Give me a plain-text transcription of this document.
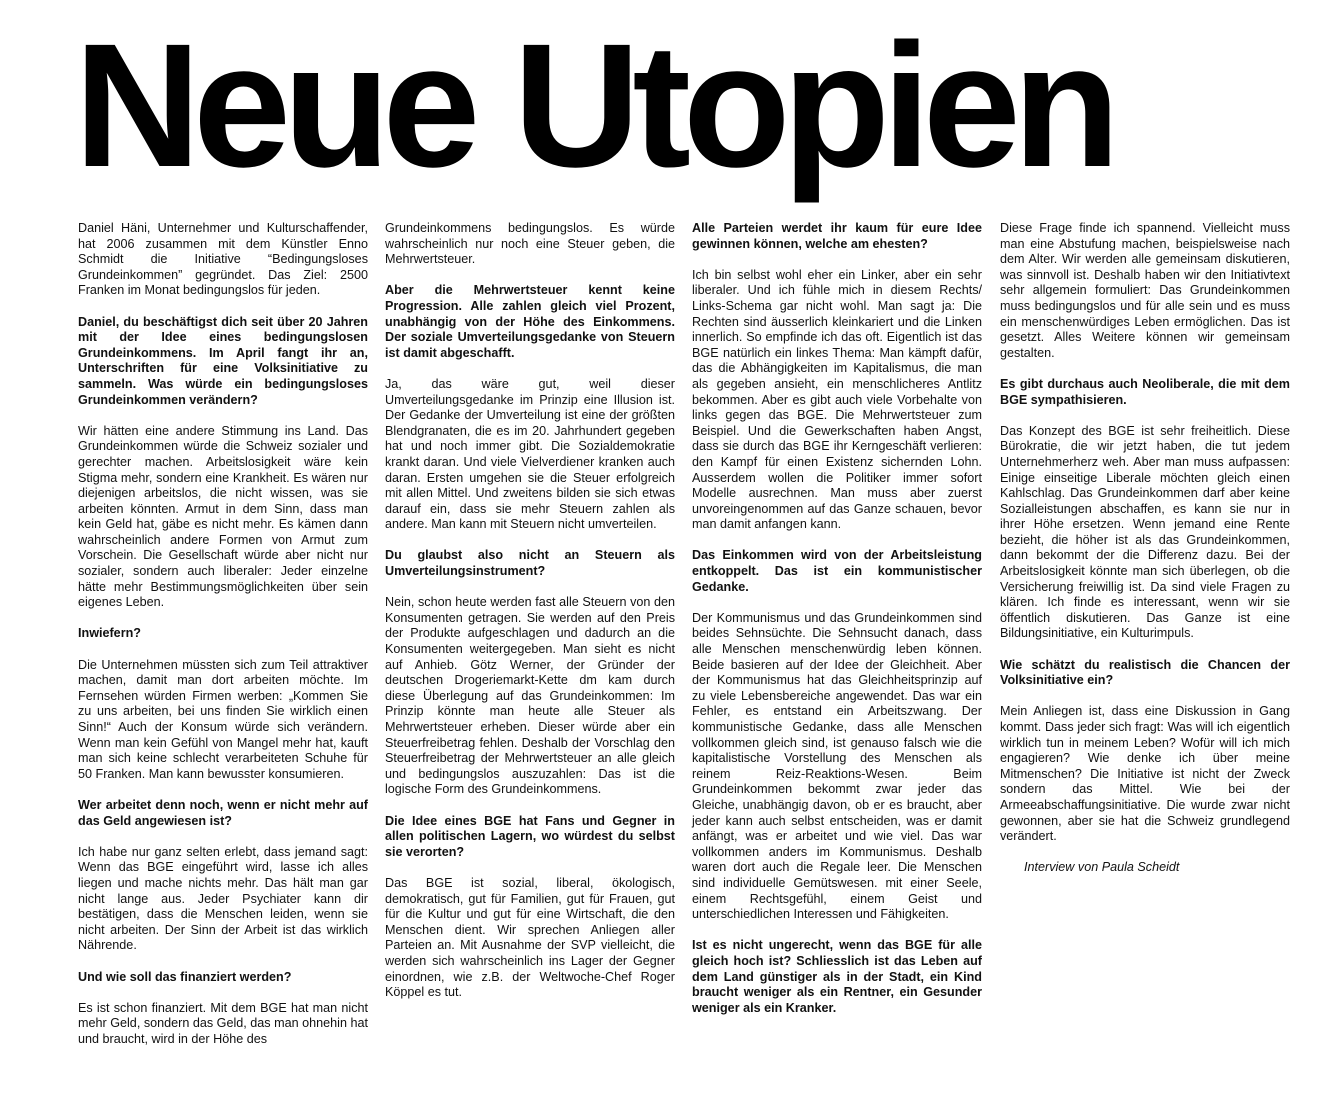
Neue Utopien

Daniel Häni, Unternehmer und Kulturschaffender, hat 2006 zusammen mit dem Künstler Enno Schmidt die Initiative “Bedingungsloses Grundeinkommen” gegründet. Das Ziel: 2500 Franken im Monat bedingungslos für jeden.

Daniel, du beschäftigst dich seit über 20 Jahren mit der Idee eines bedingungslosen Grundeinkommens. Im April fangt ihr an, Unterschriften für eine Volksinitiative zu sammeln. Was würde ein bedingungsloses Grundeinkommen verändern?

Wir hätten eine andere Stimmung ins Land. Das Grundeinkommen würde die Schweiz sozialer und gerechter machen. Arbeitslosigkeit wäre kein Stigma mehr, sondern eine Krankheit. Es wären nur diejenigen arbeitslos, die nicht wissen, was sie arbeiten könnten. Armut in dem Sinn, dass man kein Geld hat, gäbe es nicht mehr. Es kämen dann wahrscheinlich andere Formen von Armut zum Vorschein. Die Gesellschaft würde aber nicht nur sozialer, sondern auch liberaler: Jeder einzelne hätte mehr Bestimmungsmöglichkeiten über sein eigenes Leben.

Inwiefern?

Die Unternehmen müssten sich zum Teil attraktiver machen, damit man dort arbeiten möchte. Im Fernsehen würden Firmen werben: „Kommen Sie zu uns arbeiten, bei uns finden Sie wirklich einen Sinn!“ Auch der Konsum würde sich verändern. Wenn man kein Gefühl von Mangel mehr hat, kauft man sich keine schlecht verarbeiteten Schuhe für 50 Franken. Man kann bewusster konsumieren.

Wer arbeitet denn noch, wenn er nicht mehr auf das Geld angewiesen ist?

Ich habe nur ganz selten erlebt, dass jemand sagt: Wenn das BGE eingeführt wird, lasse ich alles liegen und mache nichts mehr. Das hält man gar nicht lange aus. Jeder Psychiater kann dir bestätigen, dass die Menschen leiden, wenn sie nicht arbeiten. Der Sinn der Arbeit ist das wirklich Nährende.

Und wie soll das finanziert werden?

Es ist schon finanziert. Mit dem BGE hat man nicht mehr Geld, sondern das Geld, das man ohnehin hat und braucht, wird in der Höhe des

Grundeinkommens bedingungslos. Es würde wahrscheinlich nur noch eine Steuer geben, die Mehrwertsteuer.

Aber die Mehrwertsteuer kennt keine Progression. Alle zahlen gleich viel Prozent, unabhängig von der Höhe des Einkommens. Der soziale Umverteilungsgedanke von Steuern ist damit abgeschafft.

Ja, das wäre gut, weil dieser Umverteilungsgedanke im Prinzip eine Illusion ist. Der Gedanke der Umverteilung ist eine der größten Blendgranaten, die es im 20. Jahrhundert gegeben hat und noch immer gibt. Die Sozialdemokratie krankt daran. Und viele Vielverdiener kranken auch daran. Ersten umgehen sie die Steuer erfolgreich mit allen Mittel. Und zweitens bilden sie sich etwas darauf ein, dass sie mehr Steuern zahlen als andere. Man kann mit Steuern nicht umverteilen.

Du glaubst also nicht an Steuern als Umverteilungsinstrument?

Nein, schon heute werden fast alle Steuern von den Konsumenten getragen. Sie werden auf den Preis der Produkte aufgeschlagen und dadurch an die Konsumenten weitergegeben. Man sieht es nicht auf Anhieb. Götz Werner, der Gründer der deutschen Drogeriemarkt-Kette dm kam durch diese Überlegung auf das Grundeinkommen: Im Prinzip könnte man heute alle Steuer als Mehrwertsteuer erheben. Dieser würde aber ein Steuerfreibetrag fehlen. Deshalb der Vorschlag den Steuerfreibetrag der Mehrwertsteuer an alle gleich und bedingungslos auszuzahlen: Das ist die logische Form des Grundeinkommens.

Die Idee eines BGE hat Fans und Gegner in allen politischen Lagern, wo würdest du selbst sie verorten?

Das BGE ist sozial, liberal, ökologisch, demokratisch, gut für Familien, gut für Frauen, gut für die Kultur und gut für eine Wirtschaft, die den Menschen dient. Wir sprechen Anliegen aller Parteien an. Mit Ausnahme der SVP vielleicht, die werden sich wahrscheinlich ins Lager der Gegner einordnen, wie z.B. der Weltwoche-Chef Roger Köppel es tut.

Alle Parteien werdet ihr kaum für eure Idee gewinnen können, welche am ehesten?

Ich bin selbst wohl eher ein Linker, aber ein sehr liberaler. Und ich fühle mich in diesem Rechts/ Links-Schema gar nicht wohl. Man sagt ja: Die Rechten sind äusserlich kleinkariert und die Linken innerlich. So empfinde ich das oft. Eigentlich ist das BGE natürlich ein linkes Thema: Man kämpft dafür, das die Abhängigkeiten im Kapitalismus, die man als gegeben ansieht, ein menschlicheres Antlitz bekommen. Aber es gibt auch viele Vorbehalte von links gegen das BGE. Die Mehrwertsteuer zum Beispiel. Und die Gewerkschaften haben Angst, dass sie durch das BGE ihr Kerngeschäft verlieren: den Kampf für einen Existenz sichernden Lohn. Ausserdem wollen die Politiker immer sofort Modelle ausrechnen. Man muss aber zuerst unvoreingenommen auf das Ganze schauen, bevor man damit anfangen kann.

Das Einkommen wird von der Arbeitsleistung entkoppelt. Das ist ein kommunistischer Gedanke.

Der Kommunismus und das Grundeinkommen sind beides Sehnsüchte. Die Sehnsucht danach, dass alle Menschen menschenwürdig leben können. Beide basieren auf der Idee der Gleichheit. Aber der Kommunismus hat das Gleichheitsprinzip auf zu viele Lebensbereiche angewendet. Das war ein Fehler, es entstand ein Arbeitszwang. Der kommunistische Gedanke, dass alle Menschen vollkommen gleich sind, ist genauso falsch wie die kapitalistische Vorstellung des Menschen als reinem Reiz-Reaktions-Wesen. Beim Grundeinkommen bekommt zwar jeder das Gleiche, unabhängig davon, ob er es braucht, aber jeder kann auch selbst entscheiden, was er damit anfängt, was er arbeitet und wie viel. Das war vollkommen anders im Kommunismus. Deshalb waren dort auch die Regale leer. Die Menschen sind individuelle Gemütswesen. mit einer Seele, einem Rechtsgefühl, einem Geist und unterschiedlichen Interessen und Fähigkeiten.

Ist es nicht ungerecht, wenn das BGE für alle gleich hoch ist? Schliesslich ist das Leben auf dem Land günstiger als in der Stadt, ein Kind braucht weniger als ein Rentner, ein Gesunder weniger als ein Kranker.

Diese Frage finde ich spannend. Vielleicht muss man eine Abstufung machen, beispielsweise nach dem Alter. Wir werden alle gemeinsam diskutieren, was sinnvoll ist. Deshalb haben wir den Initiativtext sehr allgemein formuliert: Das Grundeinkommen muss bedingungslos und für alle sein und es muss ein menschenwürdiges Leben ermöglichen. Das ist gesetzt. Alles Weitere können wir gemeinsam gestalten.

Es gibt durchaus auch Neoliberale, die mit dem BGE sympathisieren.

Das Konzept des BGE ist sehr freiheitlich. Diese Bürokratie, die wir jetzt haben, die tut jedem Unternehmerherz weh. Aber man muss aufpassen: Einige einseitige Liberale möchten gleich einen Kahlschlag. Das Grundeinkommen darf aber keine Sozialleistungen abschaffen, es kann sie nur in ihrer Höhe ersetzen. Wenn jemand eine Rente bezieht, die höher ist als das Grundeinkommen, dann bekommt der die Differenz dazu. Bei der Arbeitslosigkeit könnte man sich überlegen, ob die Versicherung freiwillig ist. Da sind viele Fragen zu klären. Ich finde es interessant, wenn wir sie öffentlich diskutieren. Das Ganze ist eine Bildungsinitiative, ein Kulturimpuls.

Wie schätzt du realistisch die Chancen der Volksinitiative ein?

Mein Anliegen ist, dass eine Diskussion in Gang kommt. Dass jeder sich fragt: Was will ich eigentlich wirklich tun in meinem Leben? Wofür will ich mich engagieren? Wie denke ich über meine Mitmenschen? Die Initiative ist nicht der Zweck sondern das Mittel. Wie bei der Armeeabschaffungsinitiative. Die wurde zwar nicht gewonnen, aber sie hat die Schweiz grundlegend verändert.

Interview von Paula Scheidt
